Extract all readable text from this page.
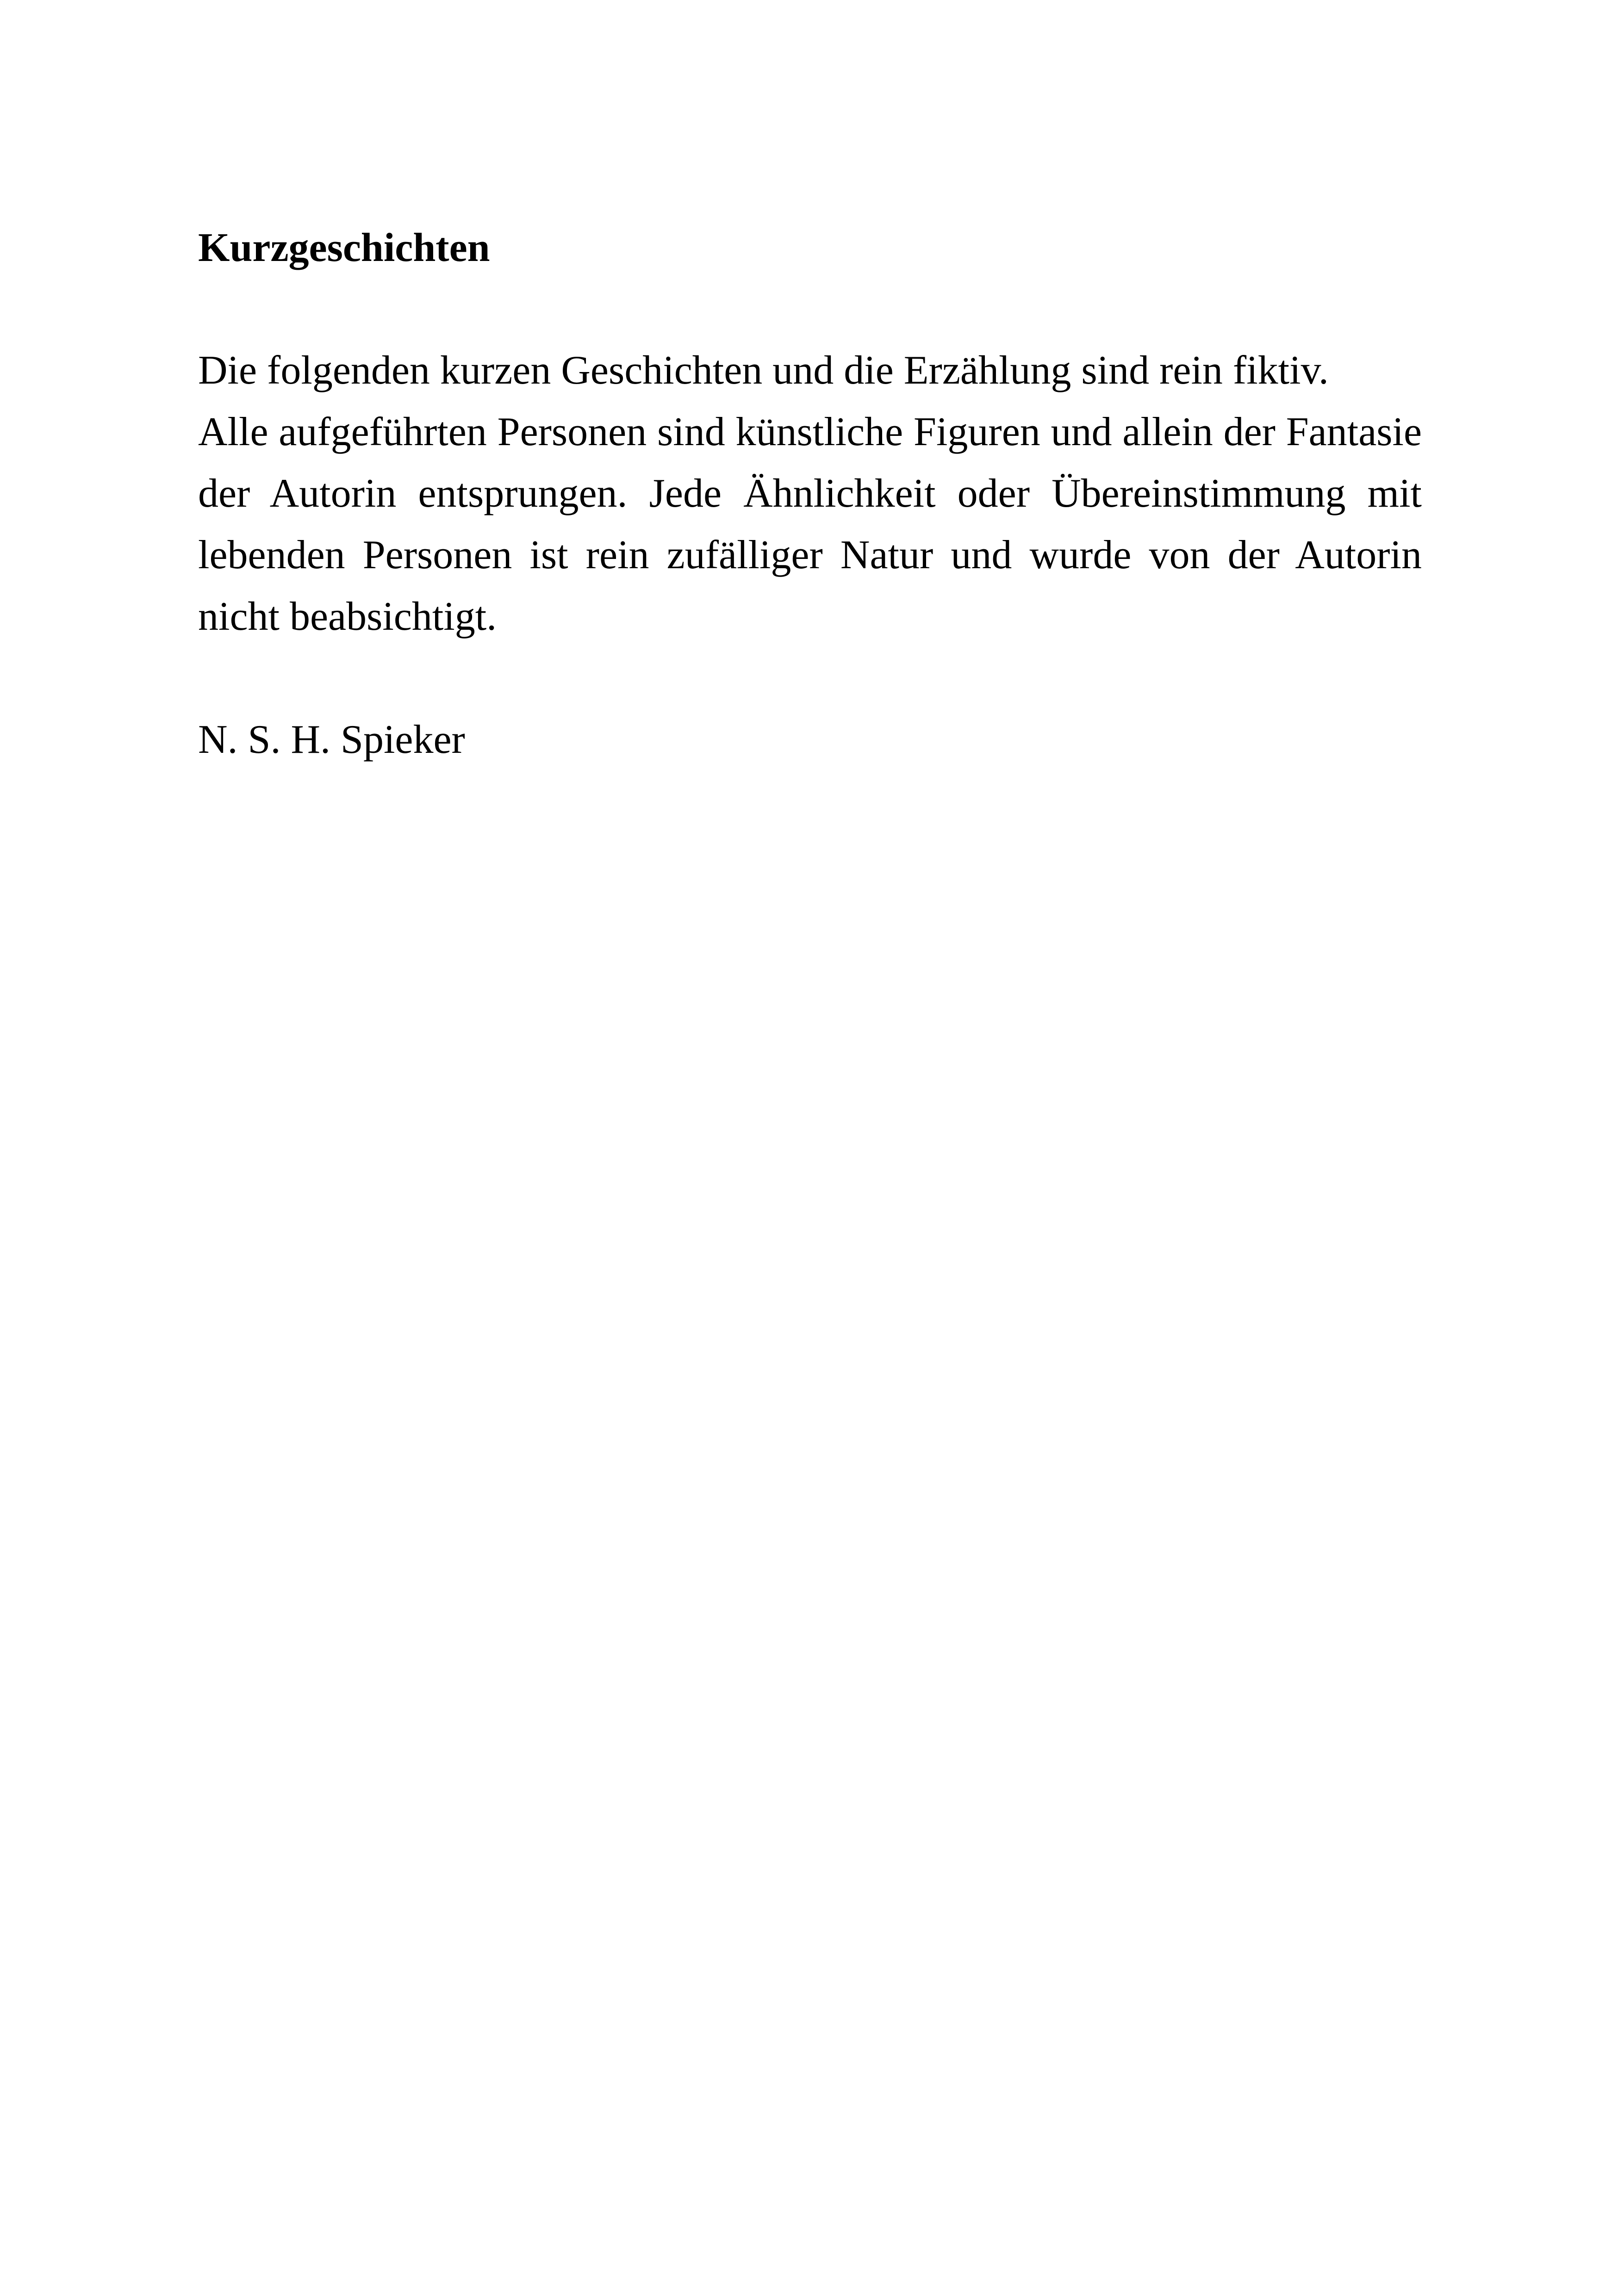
Kurzgeschichten

Die folgenden kurzen Geschichten und die Erzählung sind rein fiktiv.

Alle aufgeführten Personen sind künstliche Figuren und allein der Fantasie der Autorin entsprungen. Jede Ähnlichkeit oder Übereinstimmung mit lebenden Personen ist rein zufälliger Natur und wurde von der Autorin nicht beabsichtigt.

N. S. H. Spieker
